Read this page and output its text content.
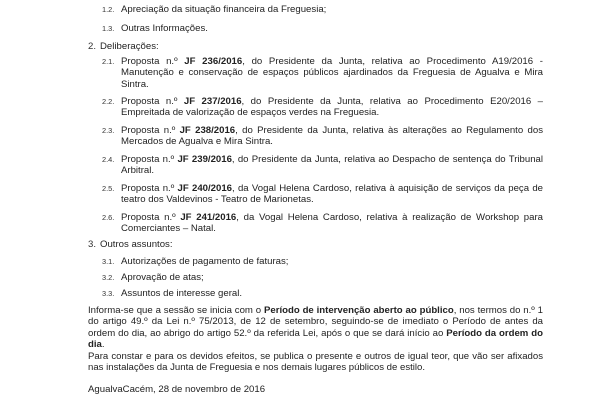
1.2. Apreciação da situação financeira da Freguesia;
1.3. Outras Informações.
2. Deliberações:
2.1. Proposta n.º JF 236/2016, do Presidente da Junta, relativa ao Procedimento A19/2016 - Manutenção e conservação de espaços públicos ajardinados da Freguesia de Agualva e Mira Sintra.
2.2. Proposta n.º JF 237/2016, do Presidente da Junta, relativa ao Procedimento E20/2016 – Empreitada de valorização de espaços verdes na Freguesia.
2.3. Proposta n.º JF 238/2016, do Presidente da Junta, relativa às alterações ao Regulamento dos Mercados de Agualva e Mira Sintra.
2.4. Proposta n.º JF 239/2016, do Presidente da Junta, relativa ao Despacho de sentença do Tribunal Arbitral.
2.5. Proposta n.º JF 240/2016, da Vogal Helena Cardoso, relativa à aquisição de serviços da peça de teatro dos Valdevinos - Teatro de Marionetas.
2.6. Proposta n.º JF 241/2016, da Vogal Helena Cardoso, relativa à realização de Workshop para Comerciantes – Natal.
3. Outros assuntos:
3.1. Autorizações de pagamento de faturas;
3.2. Aprovação de atas;
3.3. Assuntos de interesse geral.

Informa-se que a sessão se inicia com o Período de intervenção aberto ao público, nos termos do n.º 1 do artigo 49.º da Lei n.º 75/2013, de 12 de setembro, seguindo-se de imediato o Período de antes da ordem do dia, ao abrigo do artigo 52.º da referida Lei, após o que se dará início ao Período da ordem do dia.

Para constar e para os devidos efeitos, se publica o presente e outros de igual teor, que vão ser afixados nas instalações da Junta de Freguesia e nos demais lugares públicos de estilo.

AgualvaCacém, 28 de novembro de 2016
